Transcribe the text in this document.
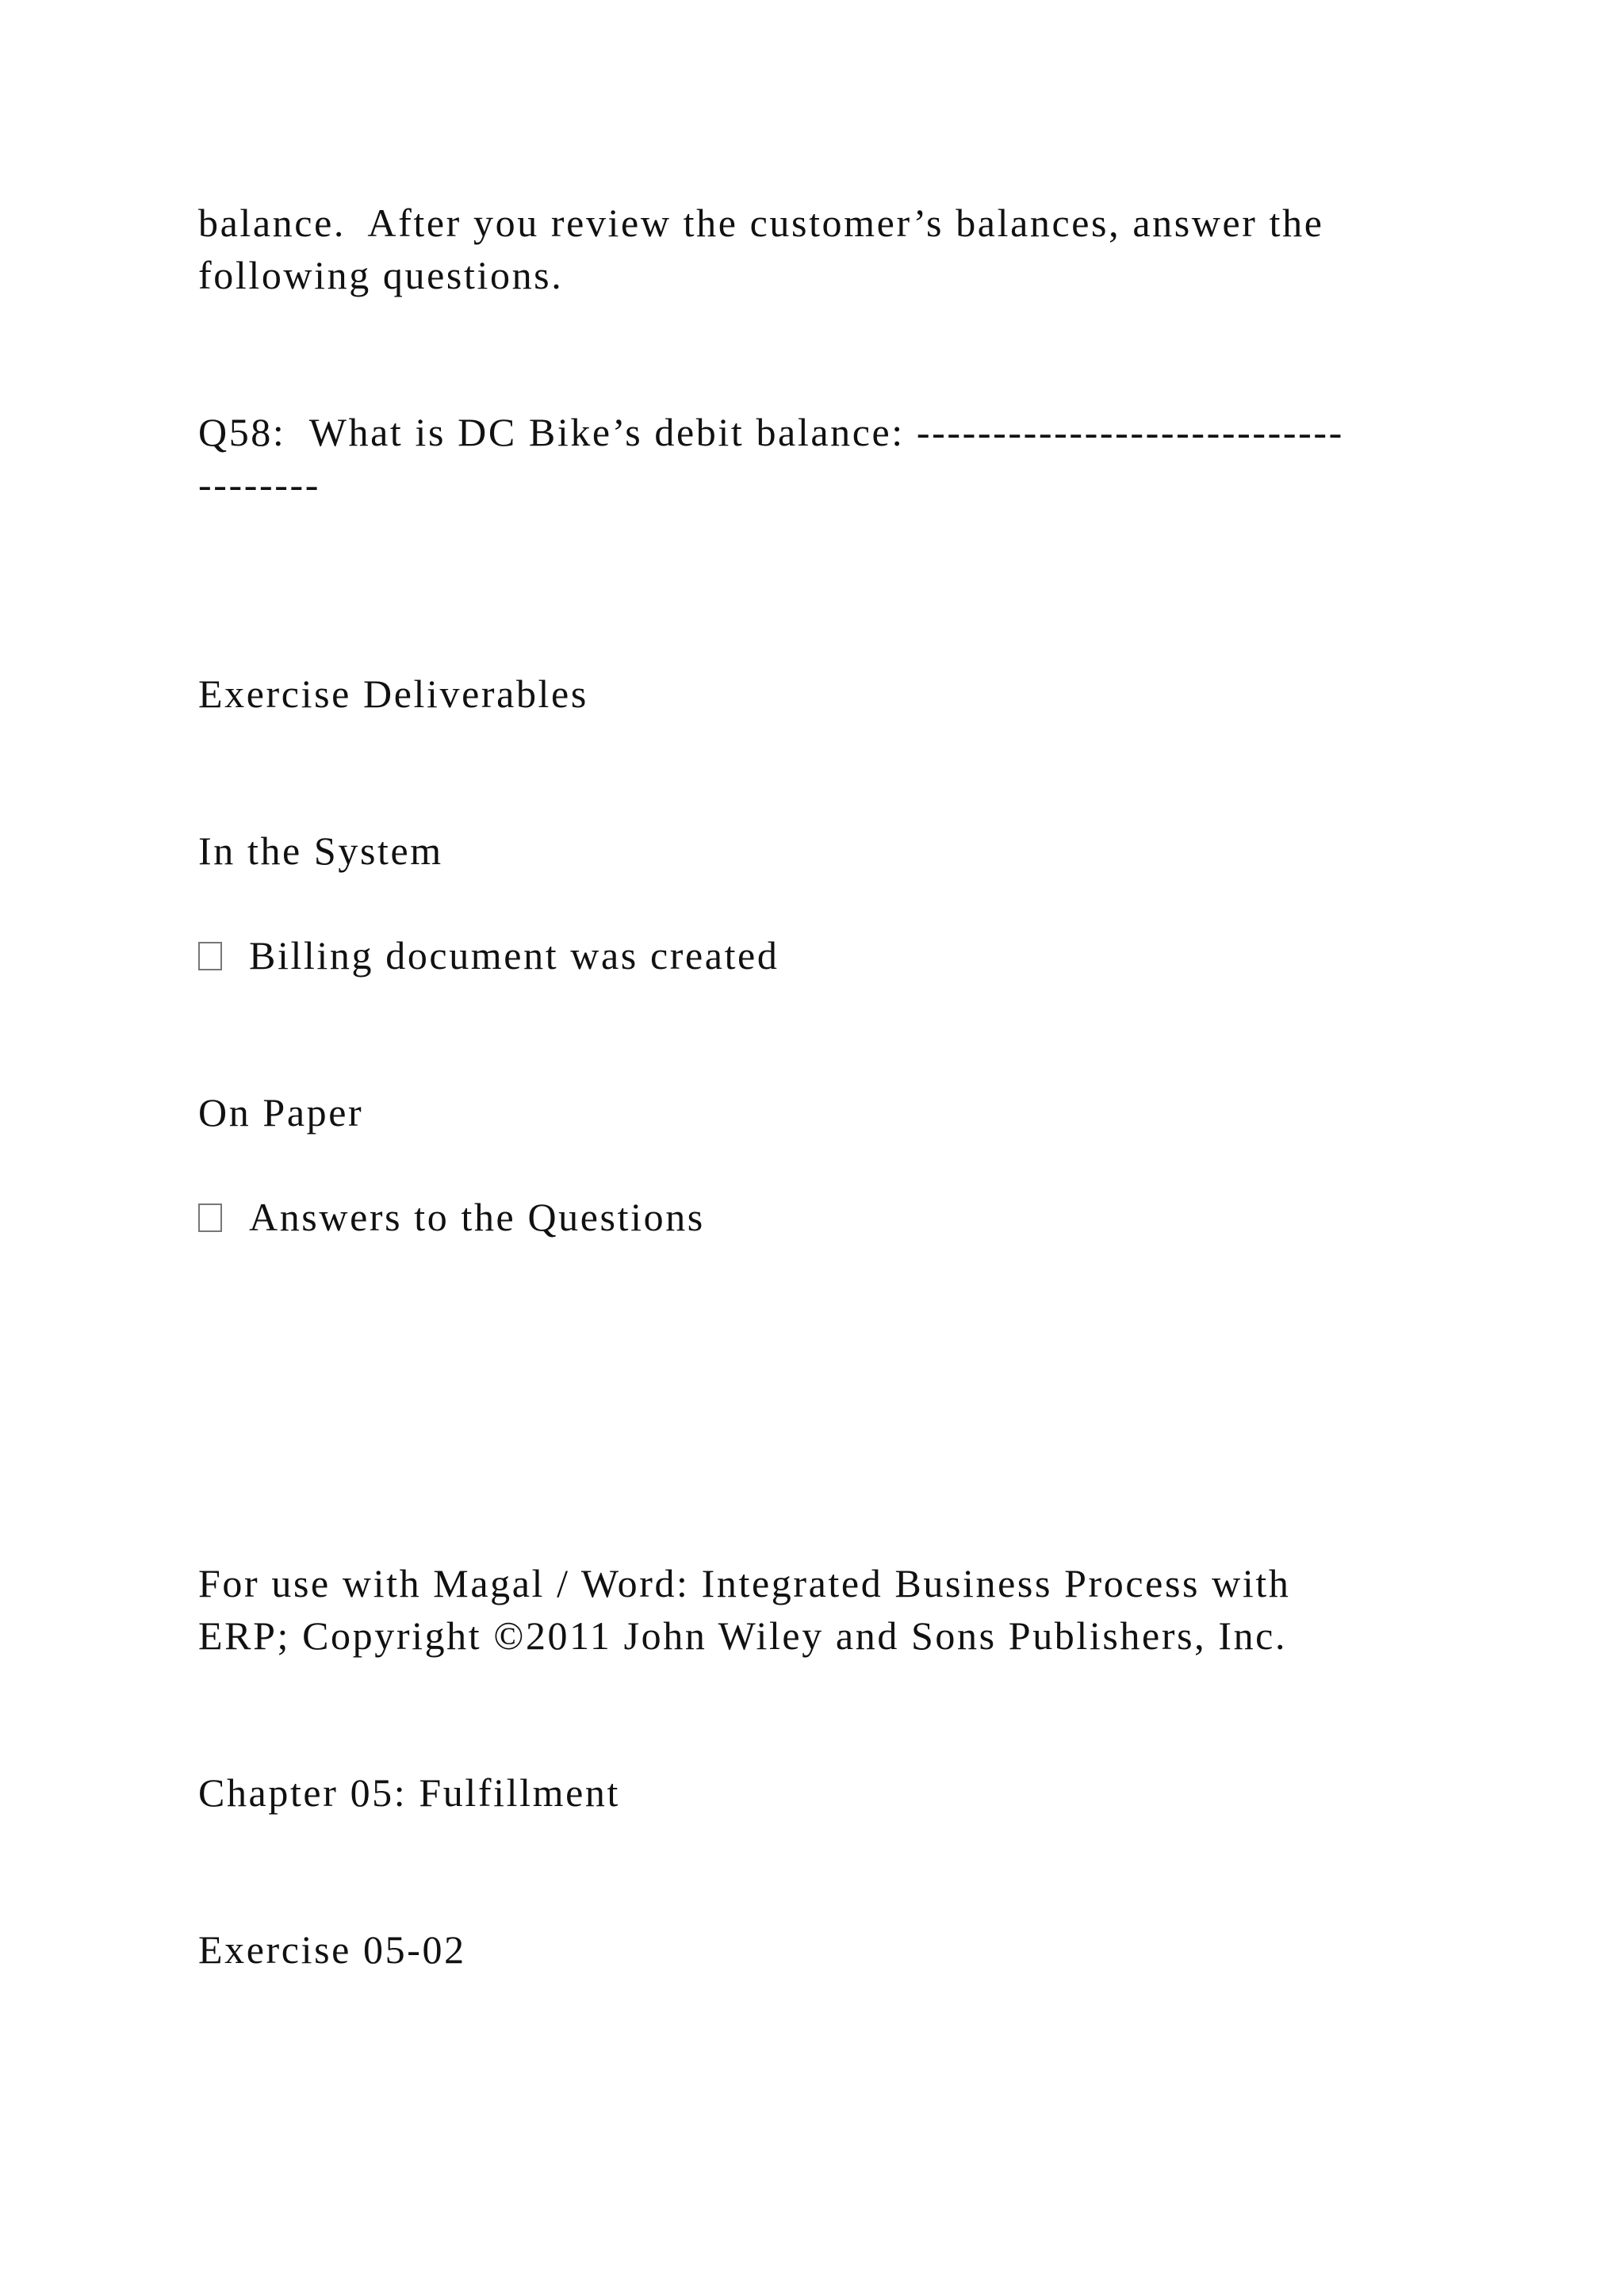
balance.  After you review the customer’s balances, answer the

following questions.

Q58:  What is DC Bike’s debit balance: ----------------------------

--------

Exercise Deliverables

In the System

Billing document was created

On Paper

Answers to the Questions

For use with Magal / Word: Integrated Business Process with

ERP; Copyright ©2011 John Wiley and Sons Publishers, Inc.

Chapter 05: Fulfillment

Exercise 05-02
